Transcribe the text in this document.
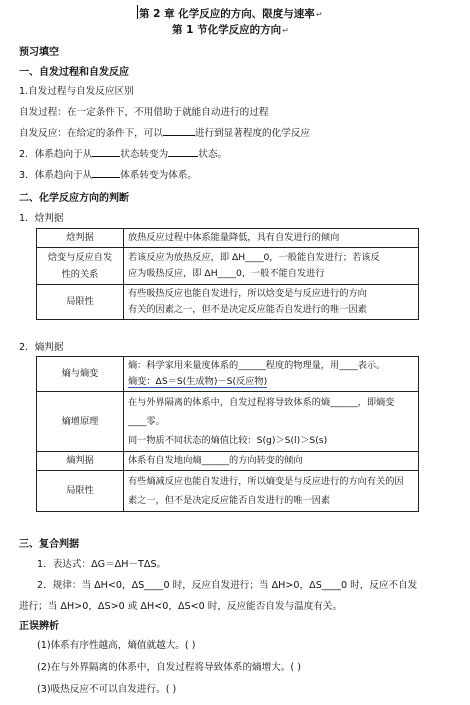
第 2 章 化学反应的方向、限度与速率↵
第 1 节化学反应的方向↵
预习填空
一、自发过程和自发反应
1.自发过程与自发反应区别
自发过程：在一定条件下，不用借助于就能自动进行的过程
自发反应：在给定的条件下，可以	进行到显著程度的化学反应
2．体系趋向于从	状态转变为	状态。
3．体系趋向于从	体系转变为体系。
二、化学反应方向的判断
1．焓判据
焓判据	放热反应过程中体系能量降低，具有自发进行的倾向
焓变与反应自发
性的关系	若该反应为放热反应，即 ΔH____0，一般能自发进行；若该反
应为吸热反应，即 ΔH____0，一般不能自发进行
局限性	有些吸热反应也能自发进行，所以焓变是与反应进行的方向
有关的因素之一，但不是决定反应能否自发进行的唯一因素
2．熵判据
熵与熵变	熵：科学家用来量度体系的______程度的物理量，用____表示。
熵变：ΔS＝S(生成物)－S(反应物)
熵增原理	在与外界隔离的体系中，自发过程将导致体系的熵______，即熵变
____零。
同一物质不同状态的熵值比较：S(g)＞S(l)＞S(s)
熵判据	体系有自发地向熵______的方向转变的倾向
局限性	有些熵减反应也能自发进行，所以熵变是与反应进行的方向有关的因
素之一，但不是决定反应能否自发进行的唯一因素
三、复合判据
1．表达式：ΔG＝ΔH－TΔS。
2．规律：当 ΔH<0，ΔS____0 时，反应自发进行；当 ΔH>0，ΔS____0 时，反应不自发
进行；当 ΔH>0，ΔS>0 或 ΔH<0，ΔS<0 时，反应能否自发与温度有关。
正误辨析
(1)体系有序性越高，熵值就越大。( )
(2)在与外界隔离的体系中，自发过程将导致体系的熵增大。( )
(3)吸热反应不可以自发进行。( )
